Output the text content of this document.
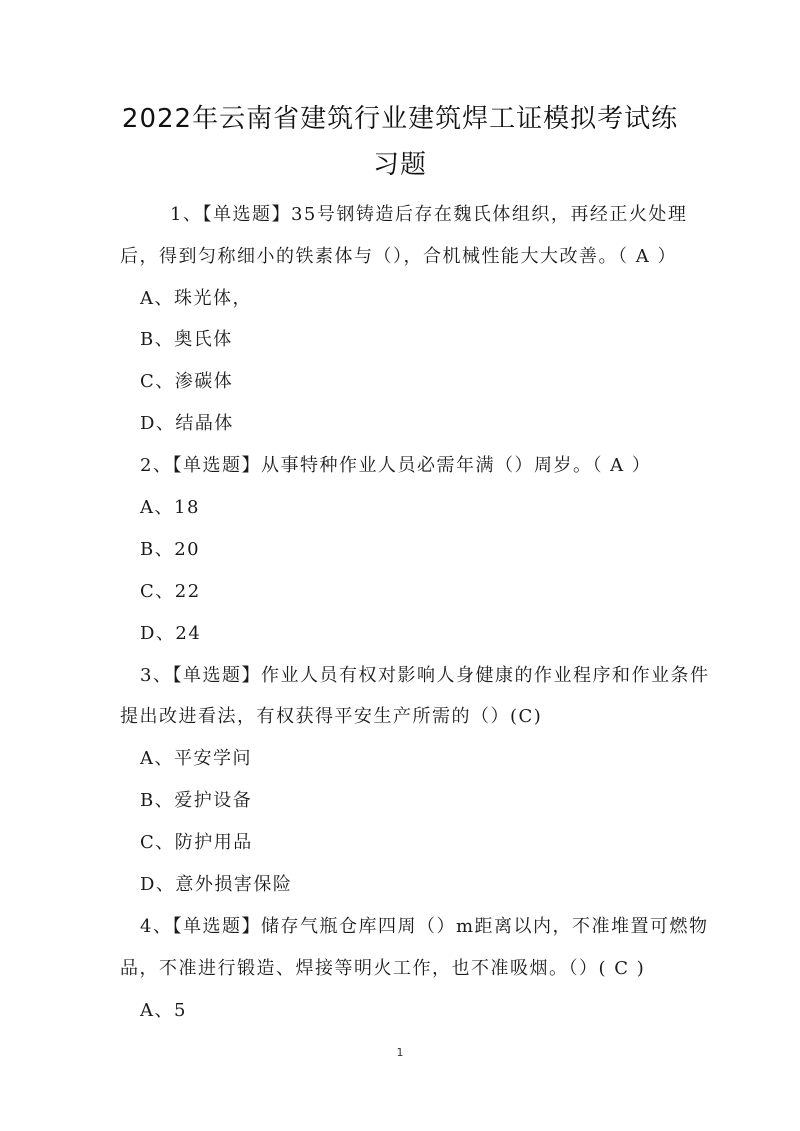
2022年云南省建筑行业建筑焊工证模拟考试练
习题
1、【单选题】35号钢铸造后存在魏氏体组织，再经正火处理
后，得到匀称细小的铁素体与（），合机械性能大大改善。（ A ）
A、珠光体，
B、奥氏体
C、渗碳体
D、结晶体
2、【单选题】从事特种作业人员必需年满（）周岁。（ A ）
A、18
B、20
C、22
D、24
3、【单选题】作业人员有权对影响人身健康的作业程序和作业条件
提出改进看法，有权获得平安生产所需的（）(C)
A、平安学问
B、爱护设备
C、防护用品
D、意外损害保险
4、【单选题】储存气瓶仓库四周（）m距离以内，不准堆置可燃物
品，不准进行锻造、焊接等明火工作，也不准吸烟。（）( C )
A、5
1
